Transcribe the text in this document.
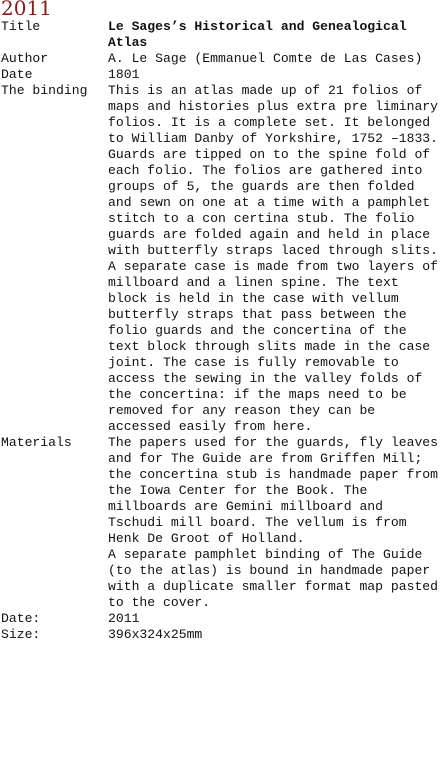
2011
Title	Le Sages’s Historical and Genealogical Atlas
Author	A. Le Sage (Emmanuel Comte de Las Cases)
Date	1801
The binding	This is an atlas made up of 21 folios of maps and histories plus extra pre liminary folios. It is a complete set. It belonged to William Danby of Yorkshire, 1752 –1833.
Guards are tipped on to the spine fold of each folio. The folios are gathered into groups of 5, the guards are then folded and sewn on one at a time with a pamphlet stitch to a con certina stub. The folio guards are folded again and held in place with butterfly straps laced through slits.
A separate case is made from two layers of millboard and a linen spine. The text block is held in the case with vellum butterfly straps that pass between the folio guards and the concertina of the text block through slits made in the case joint. The case is fully removable to access the sewing in the valley folds of the concertina: if the maps need to be removed for any reason they can be accessed easily from here.

Materials	The papers used for the guards, fly leaves and for The Guide are from Griffen Mill; the concertina stub is handmade paper from the Iowa Center for the Book. The millboards are Gemini millboard and Tschudi mill board. The vellum is from Henk De Groot of Holland.
A separate pamphlet binding of The Guide (to the atlas) is bound in handmade paper with a duplicate smaller format map pasted to the cover.

Date:	2011
Size:	396x324x25mm
